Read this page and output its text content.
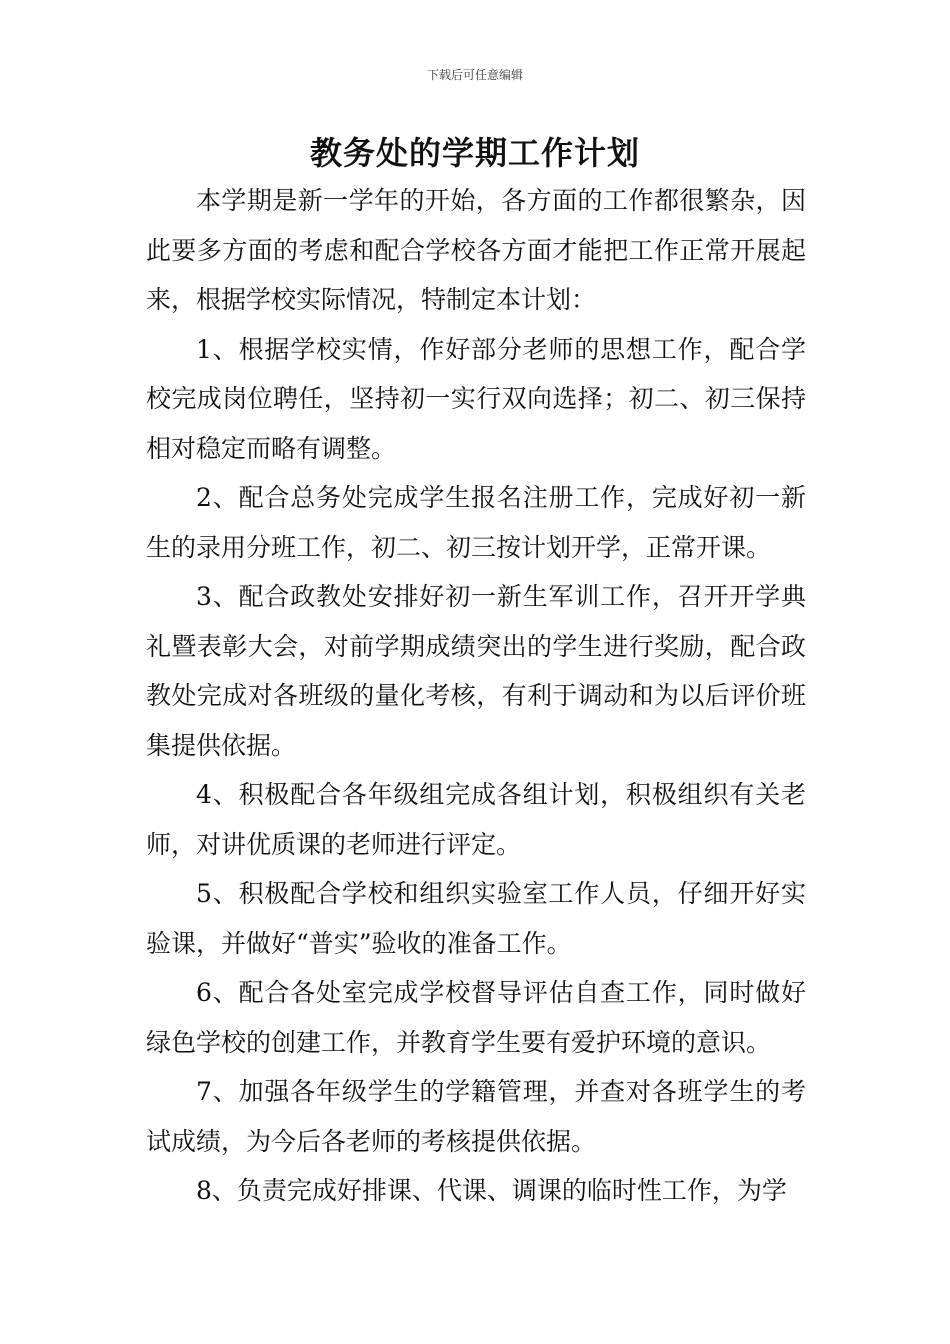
下载后可任意编辑
教务处的学期工作计划

本学期是新一学年的开始，各方面的工作都很繁杂，因此要多方面的考虑和配合学校各方面才能把工作正常开展起来，根据学校实际情况，特制定本计划：

1、根据学校实情，作好部分老师的思想工作，配合学校完成岗位聘任，坚持初一实行双向选择；初二、初三保持相对稳定而略有调整。

2、配合总务处完成学生报名注册工作，完成好初一新生的录用分班工作，初二、初三按计划开学，正常开课。

3、配合政教处安排好初一新生军训工作，召开开学典礼暨表彰大会，对前学期成绩突出的学生进行奖励，配合政教处完成对各班级的量化考核，有利于调动和为以后评价班集提供依据。

4、积极配合各年级组完成各组计划，积极组织有关老师，对讲优质课的老师进行评定。

5、积极配合学校和组织实验室工作人员，仔细开好实验课，并做好“普实”验收的准备工作。

6、配合各处室完成学校督导评估自查工作，同时做好绿色学校的创建工作，并教育学生要有爱护环境的意识。

7、加强各年级学生的学籍管理，并查对各班学生的考试成绩，为今后各老师的考核提供依据。

8、负责完成好排课、代课、调课的临时性工作，为学
